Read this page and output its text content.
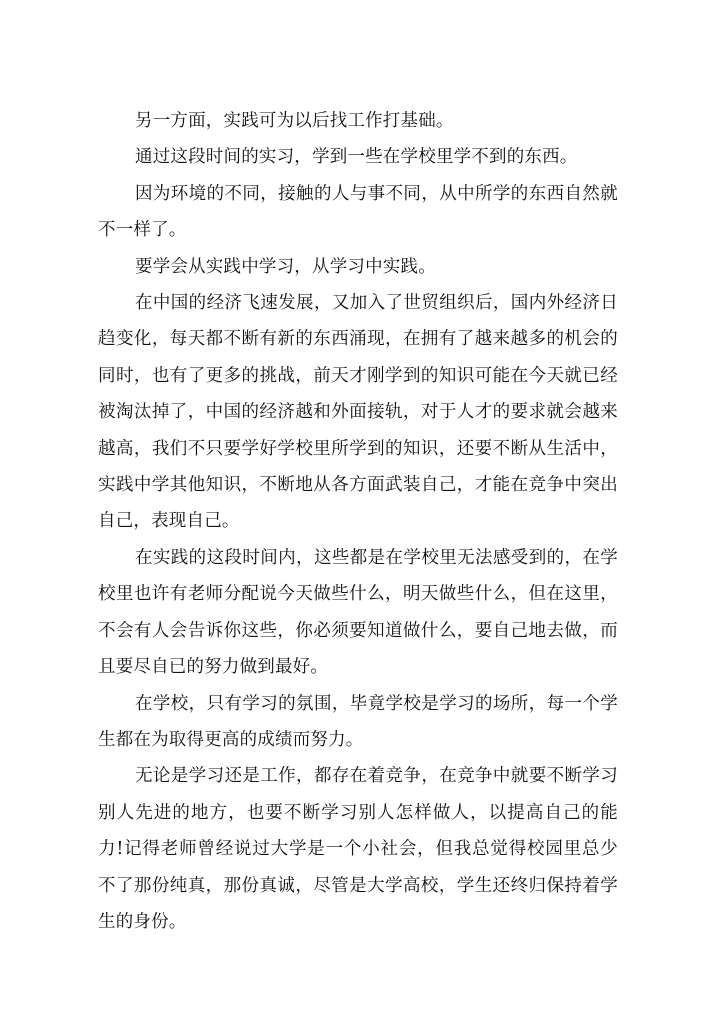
另一方面，实践可为以后找工作打基础。

通过这段时间的实习，学到一些在学校里学不到的东西。

因为环境的不同，接触的人与事不同，从中所学的东西自然就不一样了。

要学会从实践中学习，从学习中实践。

在中国的经济飞速发展，又加入了世贸组织后，国内外经济日趋变化，每天都不断有新的东西涌现，在拥有了越来越多的机会的同时，也有了更多的挑战，前天才刚学到的知识可能在今天就已经被淘汰掉了，中国的经济越和外面接轨，对于人才的要求就会越来越高，我们不只要学好学校里所学到的知识，还要不断从生活中，实践中学其他知识，不断地从各方面武装自己，才能在竞争中突出自己，表现自己。

在实践的这段时间内，这些都是在学校里无法感受到的，在学校里也许有老师分配说今天做些什么，明天做些什么，但在这里，不会有人会告诉你这些，你必须要知道做什么，要自己地去做，而且要尽自已的努力做到最好。

在学校，只有学习的氛围，毕竟学校是学习的场所，每一个学生都在为取得更高的成绩而努力。

无论是学习还是工作，都存在着竞争，在竞争中就要不断学习别人先进的地方，也要不断学习别人怎样做人，以提高自己的能力!记得老师曾经说过大学是一个小社会，但我总觉得校园里总少不了那份纯真，那份真诚，尽管是大学高校，学生还终归保持着学生的身份。
